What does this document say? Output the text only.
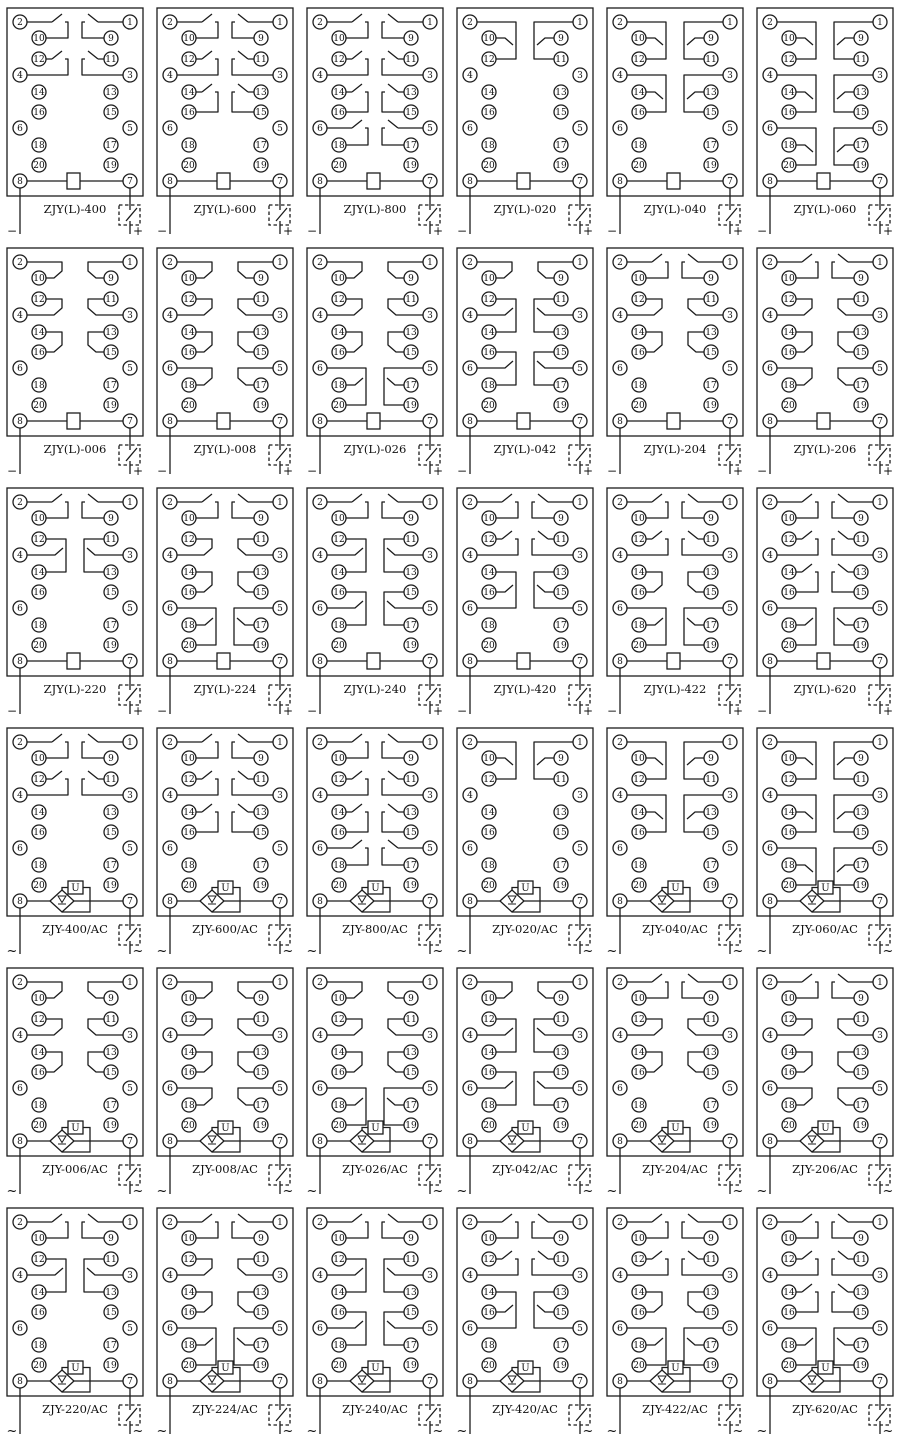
−	+
1
2
3
4
5
6
7
8
9
10
11
12
13
14
15
16
17
18
19
20
ZJY(L)-400
−	+
1
2
3
4
5
6
7
8
9
10
11
12
13
14
15
16
17
18
19
20
ZJY(L)-600
−	+
1
2
3
4
5
6
7
8
9
10
11
12
13
14
15
16
17
18
19
20
ZJY(L)-800
−	+
1
2
3
4
5
6
7
8
9
10
11
12
13
14
15
16
17
18
19
20
ZJY(L)-020
−	+
1
2
3
4
5
6
7
8
9
10
11
12
13
14
15
16
17
18
19
20
ZJY(L)-040
−	+
1
2
3
4
5
6
7
8
9
10
11
12
13
14
15
16
17
18
19
20
ZJY(L)-060
−	+
1
2
3
4
5
6
7
8
9
10
11
12
13
14
15
16
17
18
19
20
ZJY(L)-006
−	+
1
2
3
4
5
6
7
8
9
10
11
12
13
14
15
16
17
18
19
20
ZJY(L)-008
−	+
1
2
3
4
5
6
7
8
9
10
11
12
13
14
15
16
17
18
19
20
ZJY(L)-026
−	+
1
2
3
4
5
6
7
8
9
10
11
12
13
14
15
16
17
18
19
20
ZJY(L)-042
−	+
1
2
3
4
5
6
7
8
9
10
11
12
13
14
15
16
17
18
19
20
ZJY(L)-204
−	+
1
2
3
4
5
6
7
8
9
10
11
12
13
14
15
16
17
18
19
20
ZJY(L)-206
−	+
1
2
3
4
5
6
7
8
9
10
11
12
13
14
15
16
17
18
19
20
ZJY(L)-220
−	+
1
2
3
4
5
6
7
8
9
10
11
12
13
14
15
16
17
18
19
20
ZJY(L)-224
−	+
1
2
3
4
5
6
7
8
9
10
11
12
13
14
15
16
17
18
19
20
ZJY(L)-240
−	+
1
2
3
4
5
6
7
8
9
10
11
12
13
14
15
16
17
18
19
20
ZJY(L)-420
−	+
1
2
3
4
5
6
7
8
9
10
11
12
13
14
15
16
17
18
19
20
ZJY(L)-422
−	+
1
2
3
4
5
6
7
8
9
10
11
12
13
14
15
16
17
18
19
20
ZJY(L)-620
U
~	~
1
2
3
4
5
6
7
8
9
10
11
12
13
14
15
16
17
18
19
20
ZJY-400/AC
U
~	~
1
2
3
4
5
6
7
8
9
10
11
12
13
14
15
16
17
18
19
20
ZJY-600/AC
U
~	~
1
2
3
4
5
6
7
8
9
10
11
12
13
14
15
16
17
18
19
20
ZJY-800/AC
U
~	~
1
2
3
4
5
6
7
8
9
10
11
12
13
14
15
16
17
18
19
20
ZJY-020/AC
U
~	~
1
2
3
4
5
6
7
8
9
10
11
12
13
14
15
16
17
18
19
20
ZJY-040/AC
U
~	~
1
2
3
4
5
6
7
8
9
10
11
12
13
14
15
16
17
18
19
20
ZJY-060/AC
U
~	~
1
2
3
4
5
6
7
8
9
10
11
12
13
14
15
16
17
18
19
20
ZJY-006/AC
U
~	~
1
2
3
4
5
6
7
8
9
10
11
12
13
14
15
16
17
18
19
20
ZJY-008/AC
U
~	~
1
2
3
4
5
6
7
8
9
10
11
12
13
14
15
16
17
18
19
20
ZJY-026/AC
U
~	~
1
2
3
4
5
6
7
8
9
10
11
12
13
14
15
16
17
18
19
20
ZJY-042/AC
U
~	~
1
2
3
4
5
6
7
8
9
10
11
12
13
14
15
16
17
18
19
20
ZJY-204/AC
U
~	~
1
2
3
4
5
6
7
8
9
10
11
12
13
14
15
16
17
18
19
20
ZJY-206/AC
U
~	~
1
2
3
4
5
6
7
8
9
10
11
12
13
14
15
16
17
18
19
20
ZJY-220/AC
U
~	~
1
2
3
4
5
6
7
8
9
10
11
12
13
14
15
16
17
18
19
20
ZJY-224/AC
U
~	~
1
2
3
4
5
6
7
8
9
10
11
12
13
14
15
16
17
18
19
20
ZJY-240/AC
U
~	~
1
2
3
4
5
6
7
8
9
10
11
12
13
14
15
16
17
18
19
20
ZJY-420/AC
U
~	~
1
2
3
4
5
6
7
8
9
10
11
12
13
14
15
16
17
18
19
20
ZJY-422/AC
U
~	~
1
2
3
4
5
6
7
8
9
10
11
12
13
14
15
16
17
18
19
20
ZJY-620/AC
